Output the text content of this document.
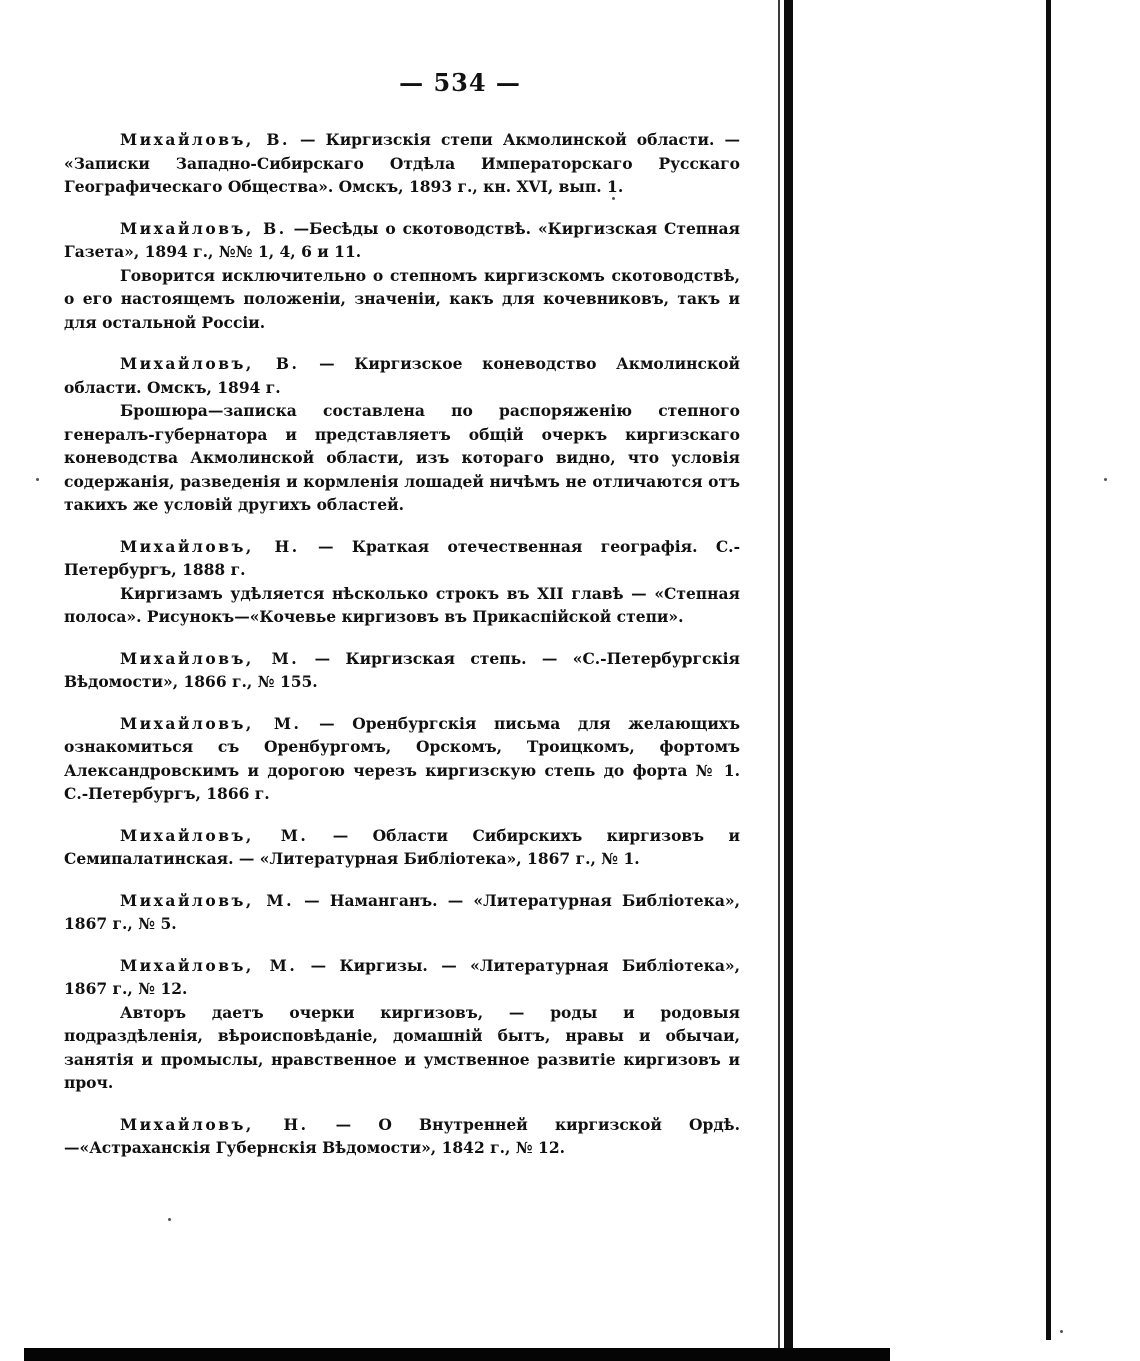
— 534 —

Михайловъ, В. — Киргизскія степи Акмолинской области. — «Записки Западно-Сибирскаго Отдѣла Императорскаго Русскаго Географическаго Общества». Омскъ, 1893 г., кн. XVI, вып. 1.

Михайловъ, В. —Бесѣды о скотоводствѣ. «Киргизская Степная Газета», 1894 г., №№ 1, 4, 6 и 11.

Говорится исключительно о степномъ киргизскомъ скотоводствѣ, о его настоящемъ положеніи, значеніи, какъ для кочевниковъ, такъ и для остальной Россіи.

Михайловъ, В. — Киргизское коневодство Акмолинской области. Омскъ, 1894 г.

Брошюра—записка составлена по распоряженію степного генералъ-губернатора и представляетъ общій очеркъ киргизскаго коневодства Акмолинской области, изъ котораго видно, что условія содержанія, разведенія и кормленія лошадей ничѣмъ не отличаются отъ такихъ же условій другихъ областей.

Михайловъ, Н. — Краткая отечественная географія. С.-Петербургъ, 1888 г.

Киргизамъ удѣляется нѣсколько строкъ въ XII главѣ — «Степная полоса». Рисунокъ—«Кочевье киргизовъ въ Прикаспійской степи».

Михайловъ, М. — Киргизская степь. — «С.-Петербургскія Вѣдомости», 1866 г., № 155.

Михайловъ, М. — Оренбургскія письма для желающихъ ознакомиться съ Оренбургомъ, Орскомъ, Троицкомъ, фортомъ Александровскимъ и дорогою черезъ киргизскую степь до форта № 1. С.-Петербургъ, 1866 г.

Михайловъ, М. — Области Сибирскихъ киргизовъ и Семипалатинская. — «Литературная Библіотека», 1867 г., № 1.

Михайловъ, М. — Наманганъ. — «Литературная Библіотека», 1867 г., № 5.

Михайловъ, М. — Киргизы. — «Литературная Библіотека», 1867 г., № 12.

Авторъ даетъ очерки киргизовъ, — роды и родовыя подраздѣленія, вѣроисповѣданіе, домашній бытъ, нравы и обычаи, занятія и промыслы, нравственное и умственное развитіе киргизовъ и проч.

Михайловъ, Н. — О Внутренней киргизской Ордѣ.—«Астраханскія Губернскія Вѣдомости», 1842 г., № 12.
